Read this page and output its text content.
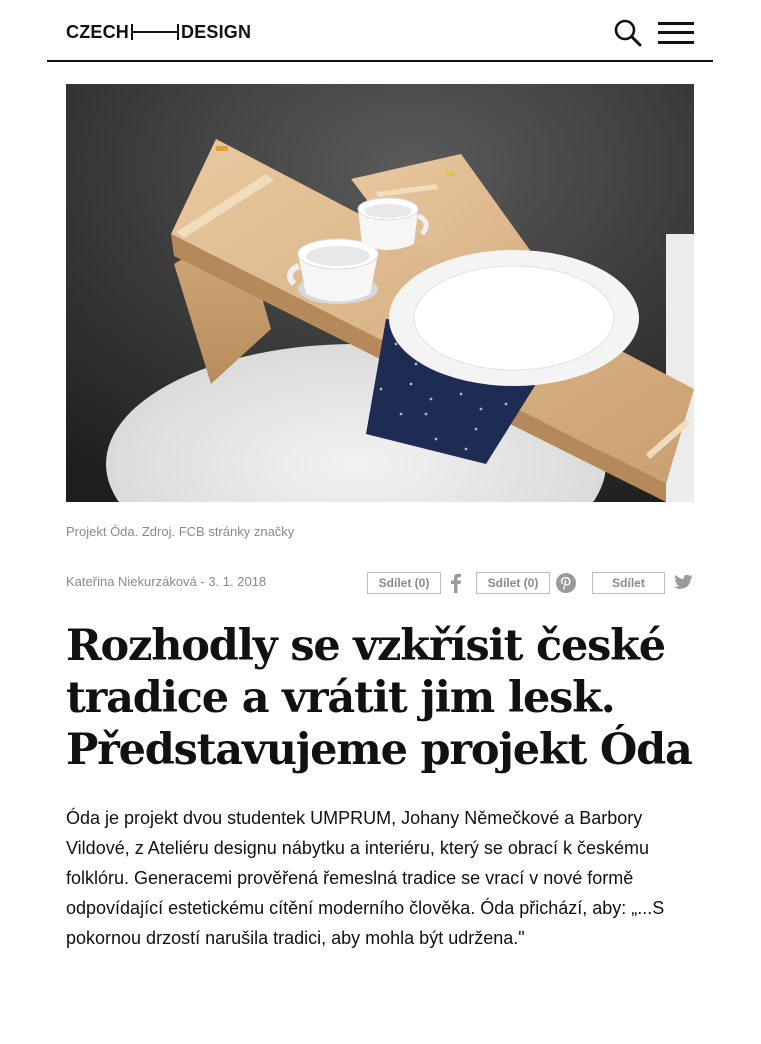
CZECH	DESIGN
Projekt Óda. Zdroj. FCB stránky značky
Kateřina Niekurzáková - 3. 1. 2018	Sdílet (0)	Sdílet (0)	Sdílet
Rozhodly se vzkřísit české tradice a vrátit jim lesk. Představujeme projekt Óda

Óda je projekt dvou studentek UMPRUM, Johany Němečkové a Barbory Vildové, z Ateliéru designu nábytku a interiéru, který se obrací k českému folklóru. Generacemi prověřená řemeslná tradice se vrací v nové formě odpovídající estetickému cítění moderního člověka. Óda přichází, aby: „...S pokornou drzostí narušila tradici, aby mohla být udržena."
